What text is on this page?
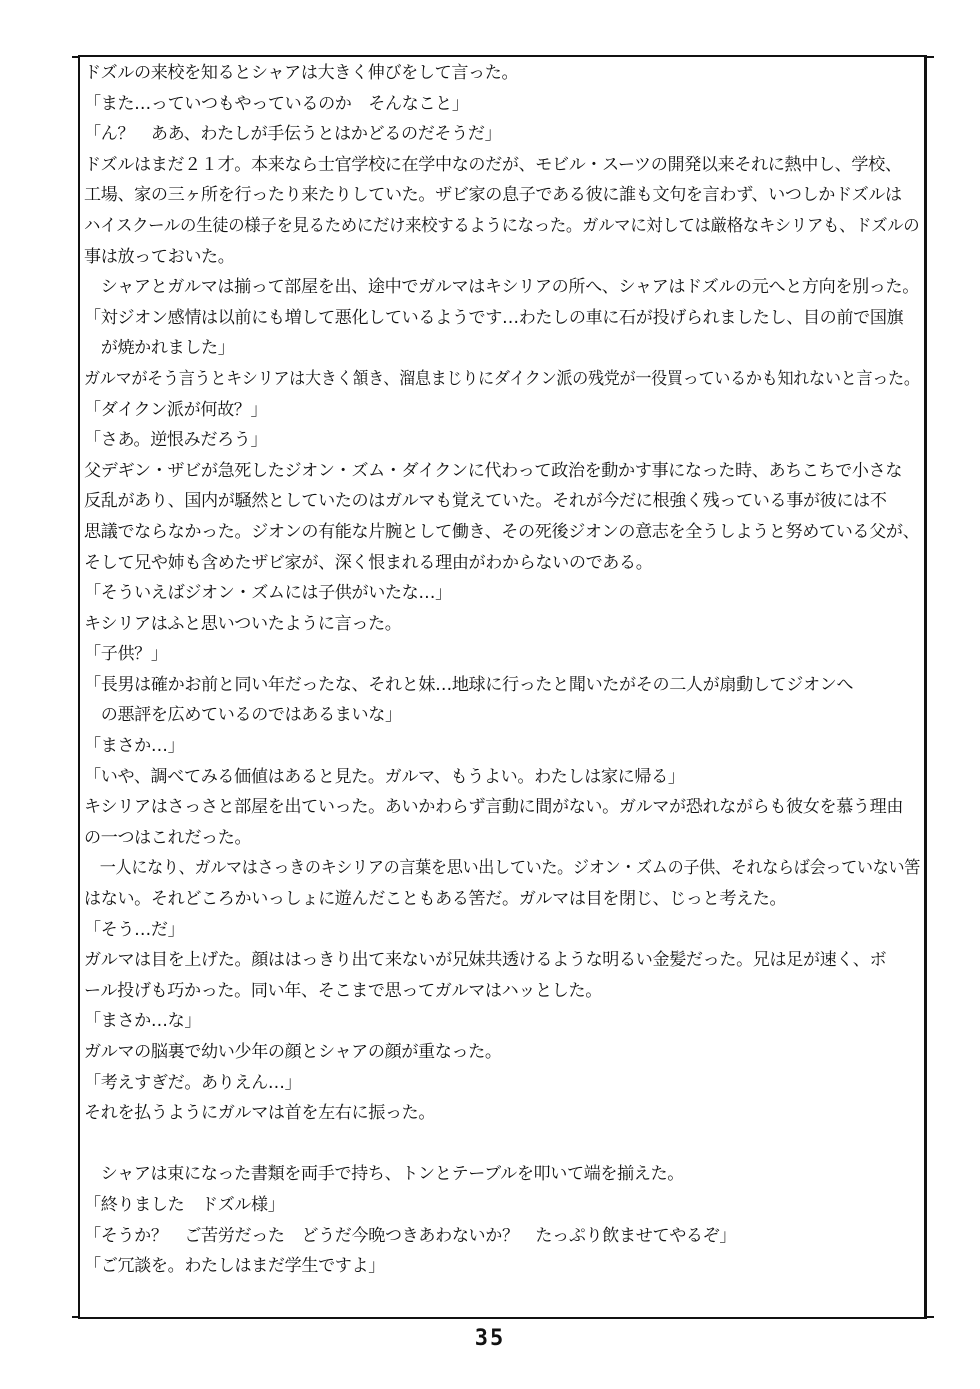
ドズルの来校を知るとシャアは大きく伸びをして言った。
「また…っていつもやっているのか　そんなこと」
「ん？　ああ、わたしが手伝うとはかどるのだそうだ」
ドズルはまだ２１才。本来なら士官学校に在学中なのだが、モビル・スーツの開発以来それに熱中し、学校、
工場、家の三ヶ所を行ったり来たりしていた。ザビ家の息子である彼に誰も文句を言わず、いつしかドズルは
ハイスクールの生徒の様子を見るためにだけ来校するようになった。ガルマに対しては厳格なキシリアも、ドズルの
事は放っておいた。
　シャアとガルマは揃って部屋を出、途中でガルマはキシリアの所へ、シャアはドズルの元へと方向を別った。
「対ジオン感情は以前にも増して悪化しているようです…わたしの車に石が投げられましたし、目の前で国旗
　が焼かれました」
ガルマがそう言うとキシリアは大きく頷き、溜息まじりにダイクン派の残党が一役買っているかも知れないと言った。
「ダイクン派が何故？」
「さあ。逆恨みだろう」
父デギン・ザビが急死したジオン・ズム・ダイクンに代わって政治を動かす事になった時、あちこちで小さな
反乱があり、国内が騒然としていたのはガルマも覚えていた。それが今だに根強く残っている事が彼には不
思議でならなかった。ジオンの有能な片腕として働き、その死後ジオンの意志を全うしようと努めている父が、
そして兄や姉も含めたザビ家が、深く恨まれる理由がわからないのである。
「そういえばジオン・ズムには子供がいたな…」
キシリアはふと思いついたように言った。
「子供？」
「長男は確かお前と同い年だったな、それと妹…地球に行ったと聞いたがその二人が扇動してジオンへ
　の悪評を広めているのではあるまいな」
「まさか…」
「いや、調べてみる価値はあると見た。ガルマ、もうよい。わたしは家に帰る」
キシリアはさっさと部屋を出ていった。あいかわらず言動に間がない。ガルマが恐れながらも彼女を慕う理由
の一つはこれだった。
　一人になり、ガルマはさっきのキシリアの言葉を思い出していた。ジオン・ズムの子供、それならば会っていない筈
はない。それどころかいっしょに遊んだこともある筈だ。ガルマは目を閉じ、じっと考えた。
「そう…だ」
ガルマは目を上げた。顔ははっきり出て来ないが兄妹共透けるような明るい金髪だった。兄は足が速く、ボ
ール投げも巧かった。同い年、そこまで思ってガルマはハッとした。
「まさか…な」
ガルマの脳裏で幼い少年の顔とシャアの顔が重なった。
「考えすぎだ。ありえん…」
それを払うようにガルマは首を左右に振った。
　シャアは束になった書類を両手で持ち、トンとテーブルを叩いて端を揃えた。
「終りました　ドズル様」
「そうか？　ご苦労だった　どうだ今晩つきあわないか？　たっぷり飲ませてやるぞ」
「ご冗談を。わたしはまだ学生ですよ」
35
